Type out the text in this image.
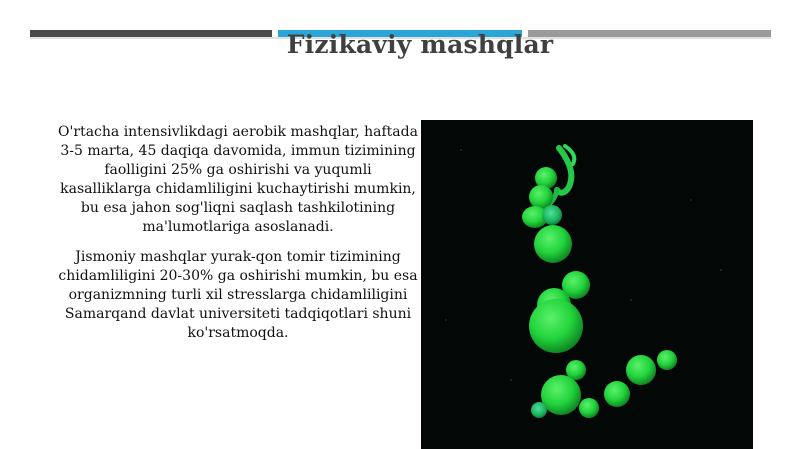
Fizikaviy mashqlar
O'rtacha intensivlikdagi aerobik mashqlar, haftada 3-5 marta, 45 daqiqa davomida, immun tizimining faolligini 25% ga oshirishi va yuqumli kasalliklarga chidamliligini kuchaytirishi mumkin, bu esa jahon sog'liqni saqlash tashkilotining ma'lumotlariga asoslanadi.
Jismoniy mashqlar yurak-qon tomir tizimining chidamliligini 20-30% ga oshirishi mumkin, bu esa organizmning turli xil stresslarga chidamliligini Samarqand davlat universiteti tadqiqotlari shuni ko'rsatmoqda.
